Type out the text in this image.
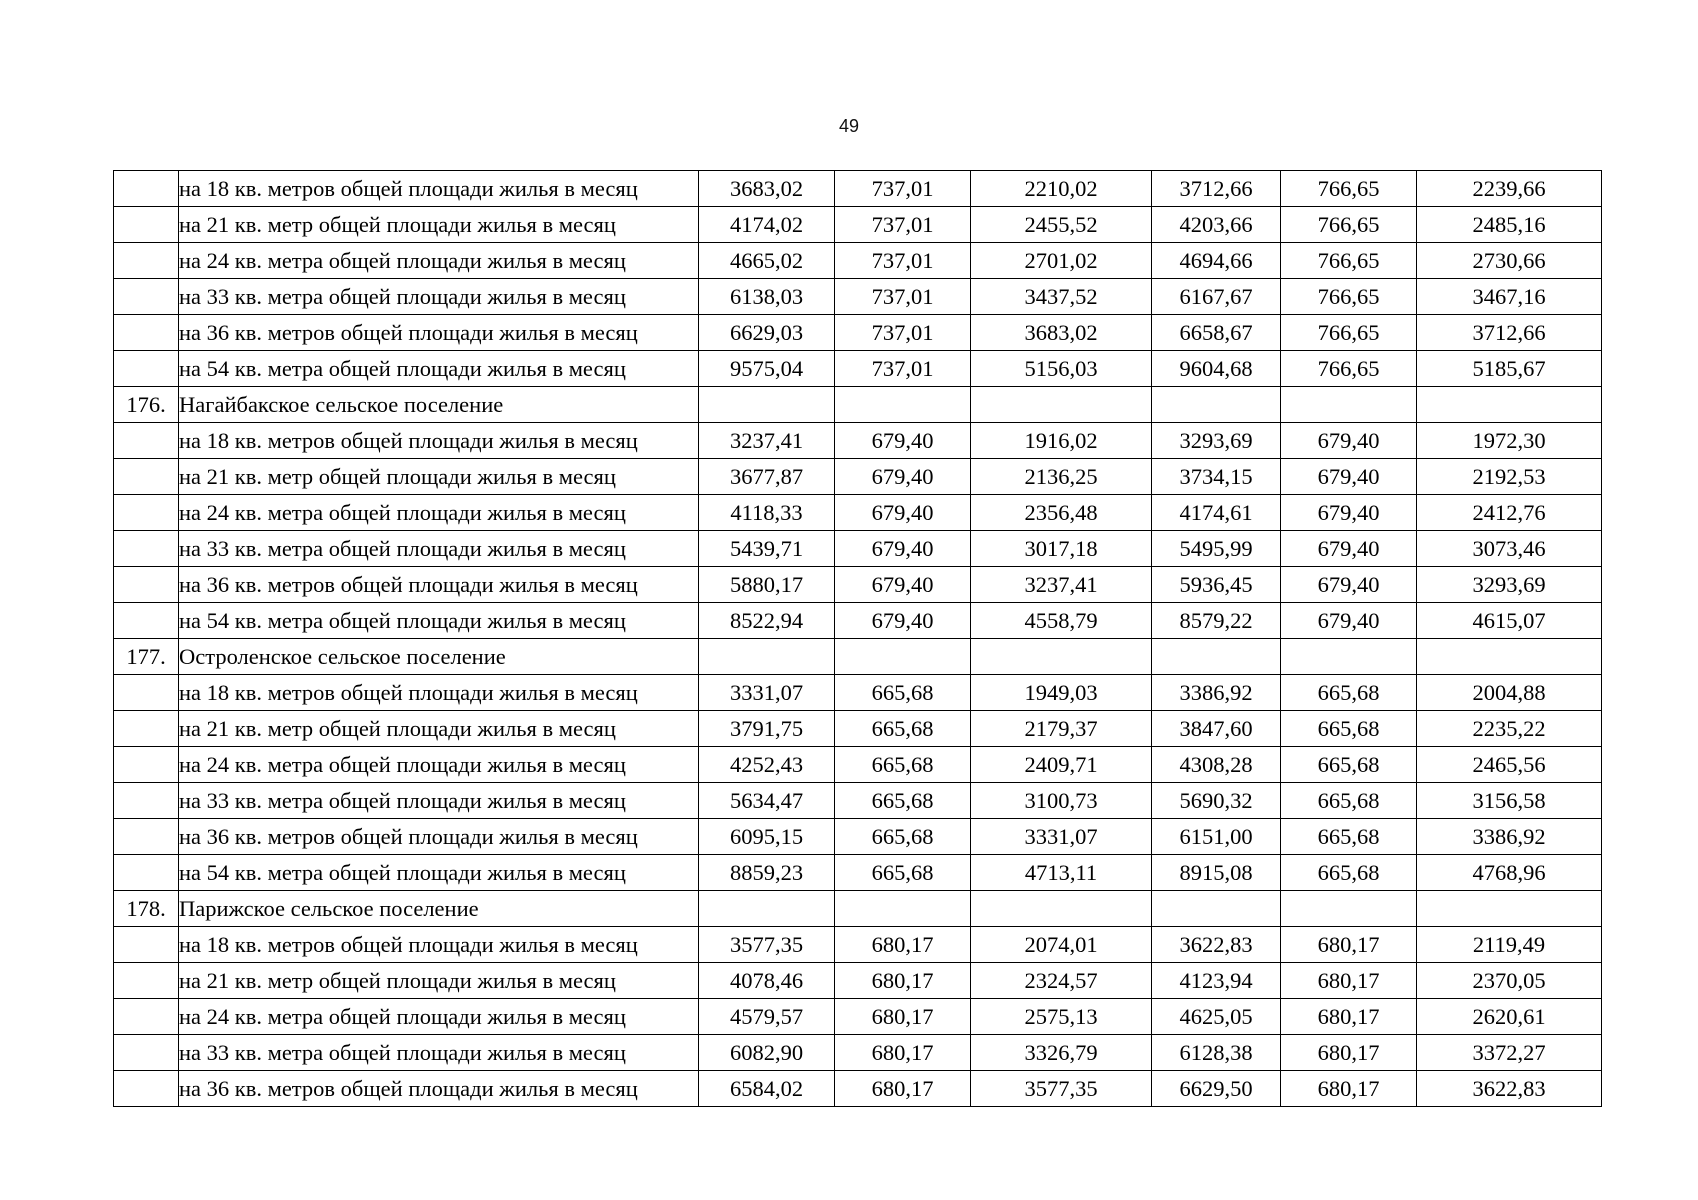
49
	на 18 кв. метров общей площади жилья в месяц	3683,02	737,01	2210,02	3712,66	766,65	2239,66
	на 21 кв. метр общей площади жилья в месяц	4174,02	737,01	2455,52	4203,66	766,65	2485,16
	на 24 кв. метра общей площади жилья в месяц	4665,02	737,01	2701,02	4694,66	766,65	2730,66
	на 33 кв. метра общей площади жилья в месяц	6138,03	737,01	3437,52	6167,67	766,65	3467,16
	на 36 кв. метров общей площади жилья в месяц	6629,03	737,01	3683,02	6658,67	766,65	3712,66
	на 54 кв. метра общей площади жилья в месяц	9575,04	737,01	5156,03	9604,68	766,65	5185,67
176.	Нагайбакское сельское поселение						
	на 18 кв. метров общей площади жилья в месяц	3237,41	679,40	1916,02	3293,69	679,40	1972,30
	на 21 кв. метр общей площади жилья в месяц	3677,87	679,40	2136,25	3734,15	679,40	2192,53
	на 24 кв. метра общей площади жилья в месяц	4118,33	679,40	2356,48	4174,61	679,40	2412,76
	на 33 кв. метра общей площади жилья в месяц	5439,71	679,40	3017,18	5495,99	679,40	3073,46
	на 36 кв. метров общей площади жилья в месяц	5880,17	679,40	3237,41	5936,45	679,40	3293,69
	на 54 кв. метра общей площади жилья в месяц	8522,94	679,40	4558,79	8579,22	679,40	4615,07
177.	Остроленское сельское поселение						
	на 18 кв. метров общей площади жилья в месяц	3331,07	665,68	1949,03	3386,92	665,68	2004,88
	на 21 кв. метр общей площади жилья в месяц	3791,75	665,68	2179,37	3847,60	665,68	2235,22
	на 24 кв. метра общей площади жилья в месяц	4252,43	665,68	2409,71	4308,28	665,68	2465,56
	на 33 кв. метра общей площади жилья в месяц	5634,47	665,68	3100,73	5690,32	665,68	3156,58
	на 36 кв. метров общей площади жилья в месяц	6095,15	665,68	3331,07	6151,00	665,68	3386,92
	на 54 кв. метра общей площади жилья в месяц	8859,23	665,68	4713,11	8915,08	665,68	4768,96
178.	Парижское сельское поселение						
	на 18 кв. метров общей площади жилья в месяц	3577,35	680,17	2074,01	3622,83	680,17	2119,49
	на 21 кв. метр общей площади жилья в месяц	4078,46	680,17	2324,57	4123,94	680,17	2370,05
	на 24 кв. метра общей площади жилья в месяц	4579,57	680,17	2575,13	4625,05	680,17	2620,61
	на 33 кв. метра общей площади жилья в месяц	6082,90	680,17	3326,79	6128,38	680,17	3372,27
	на 36 кв. метров общей площади жилья в месяц	6584,02	680,17	3577,35	6629,50	680,17	3622,83
